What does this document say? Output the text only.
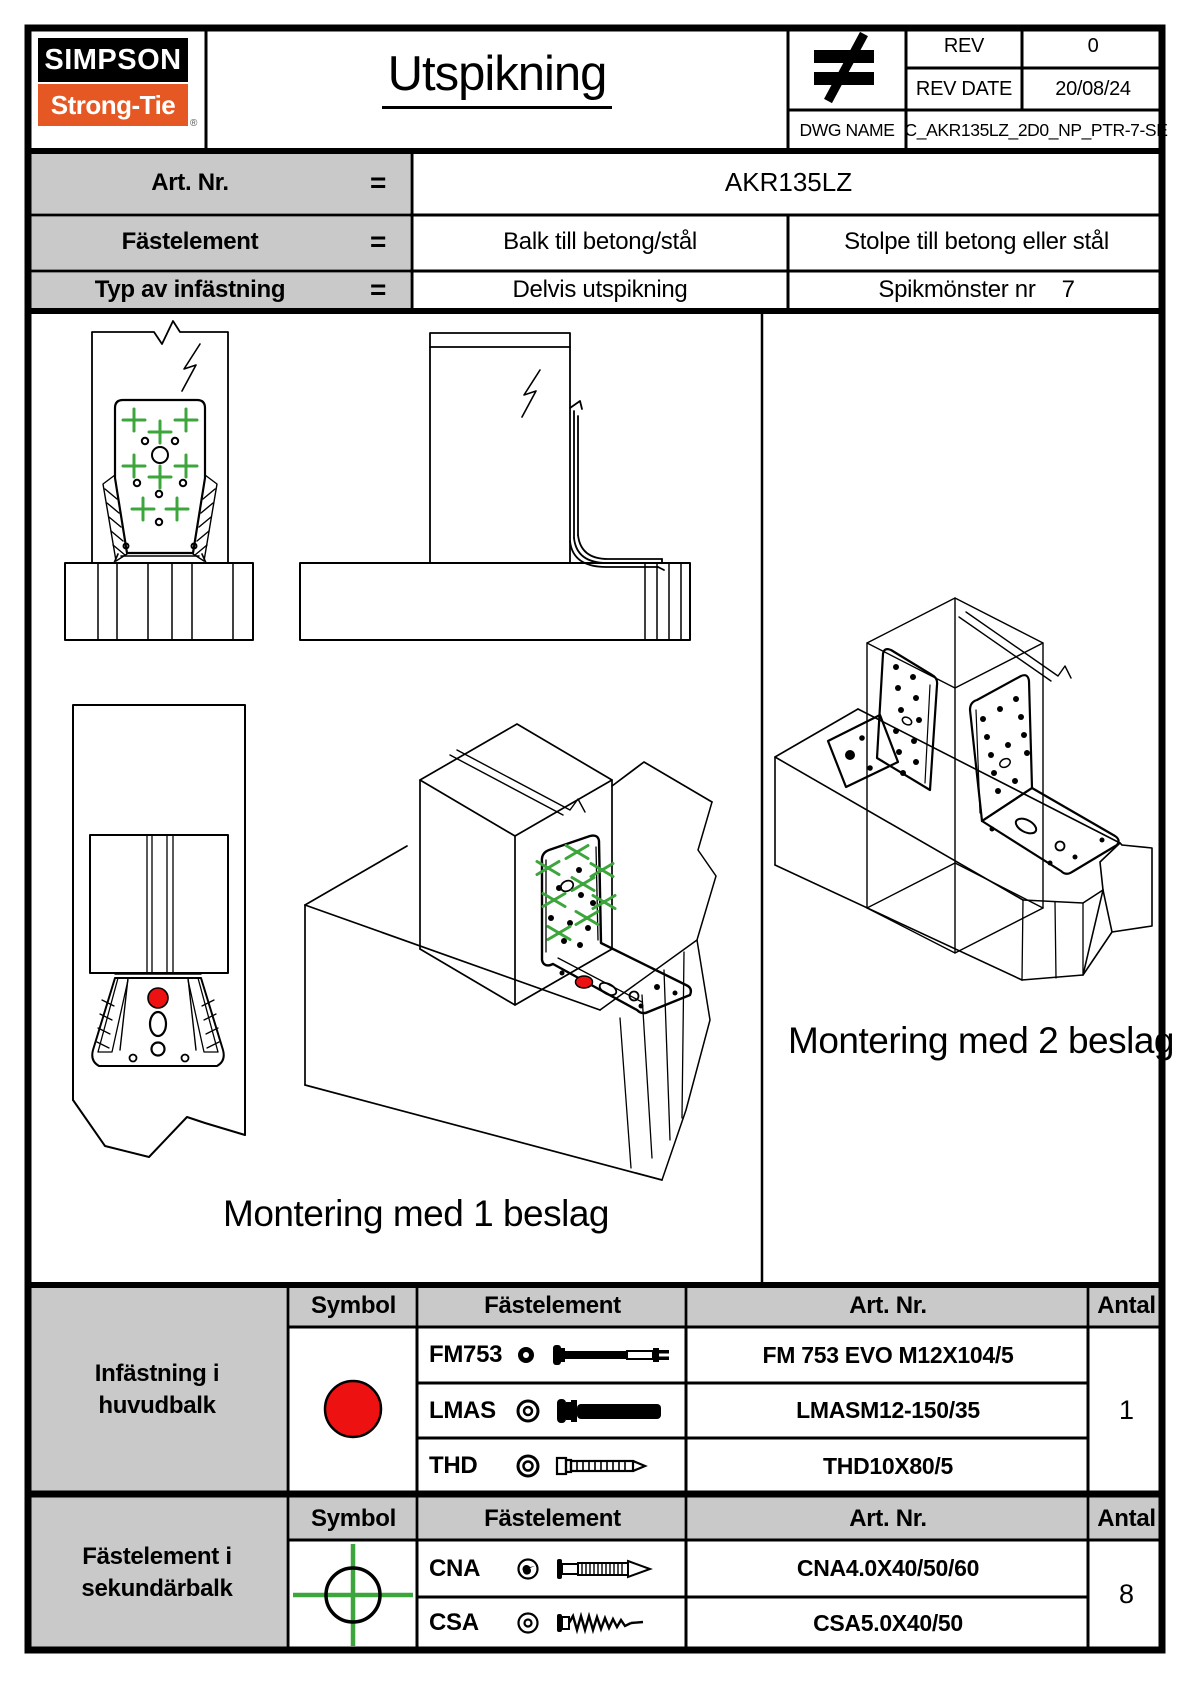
SIMPSON
Strong-Tie
®
Utspikning
REV	0
REV DATE	20/08/24
DWG NAME C_AKR135LZ_2D0_NP_PTR-7-SE
Art. Nr.	=	AKR135LZ
Fästelement	=	Balk till betong/stål	Stolpe till betong eller stål
Typ av infästning	=	Delvis utspikning	Spikmönster nr 7
Montering med 1 beslag
Montering med 2 beslag
Infästning i
huvudbalk
Symbol	Fästelement	Art. Nr.	Antal
FM753	FM 753 EVO M12X104/5
LMAS	LMASM12-150/35
THD	THD10X80/5
1
Fästelement i
sekundärbalk
Symbol	Fästelement	Art. Nr.	Antal
CNA	CNA4.0X40/50/60
CSA	CSA5.0X40/50
8
